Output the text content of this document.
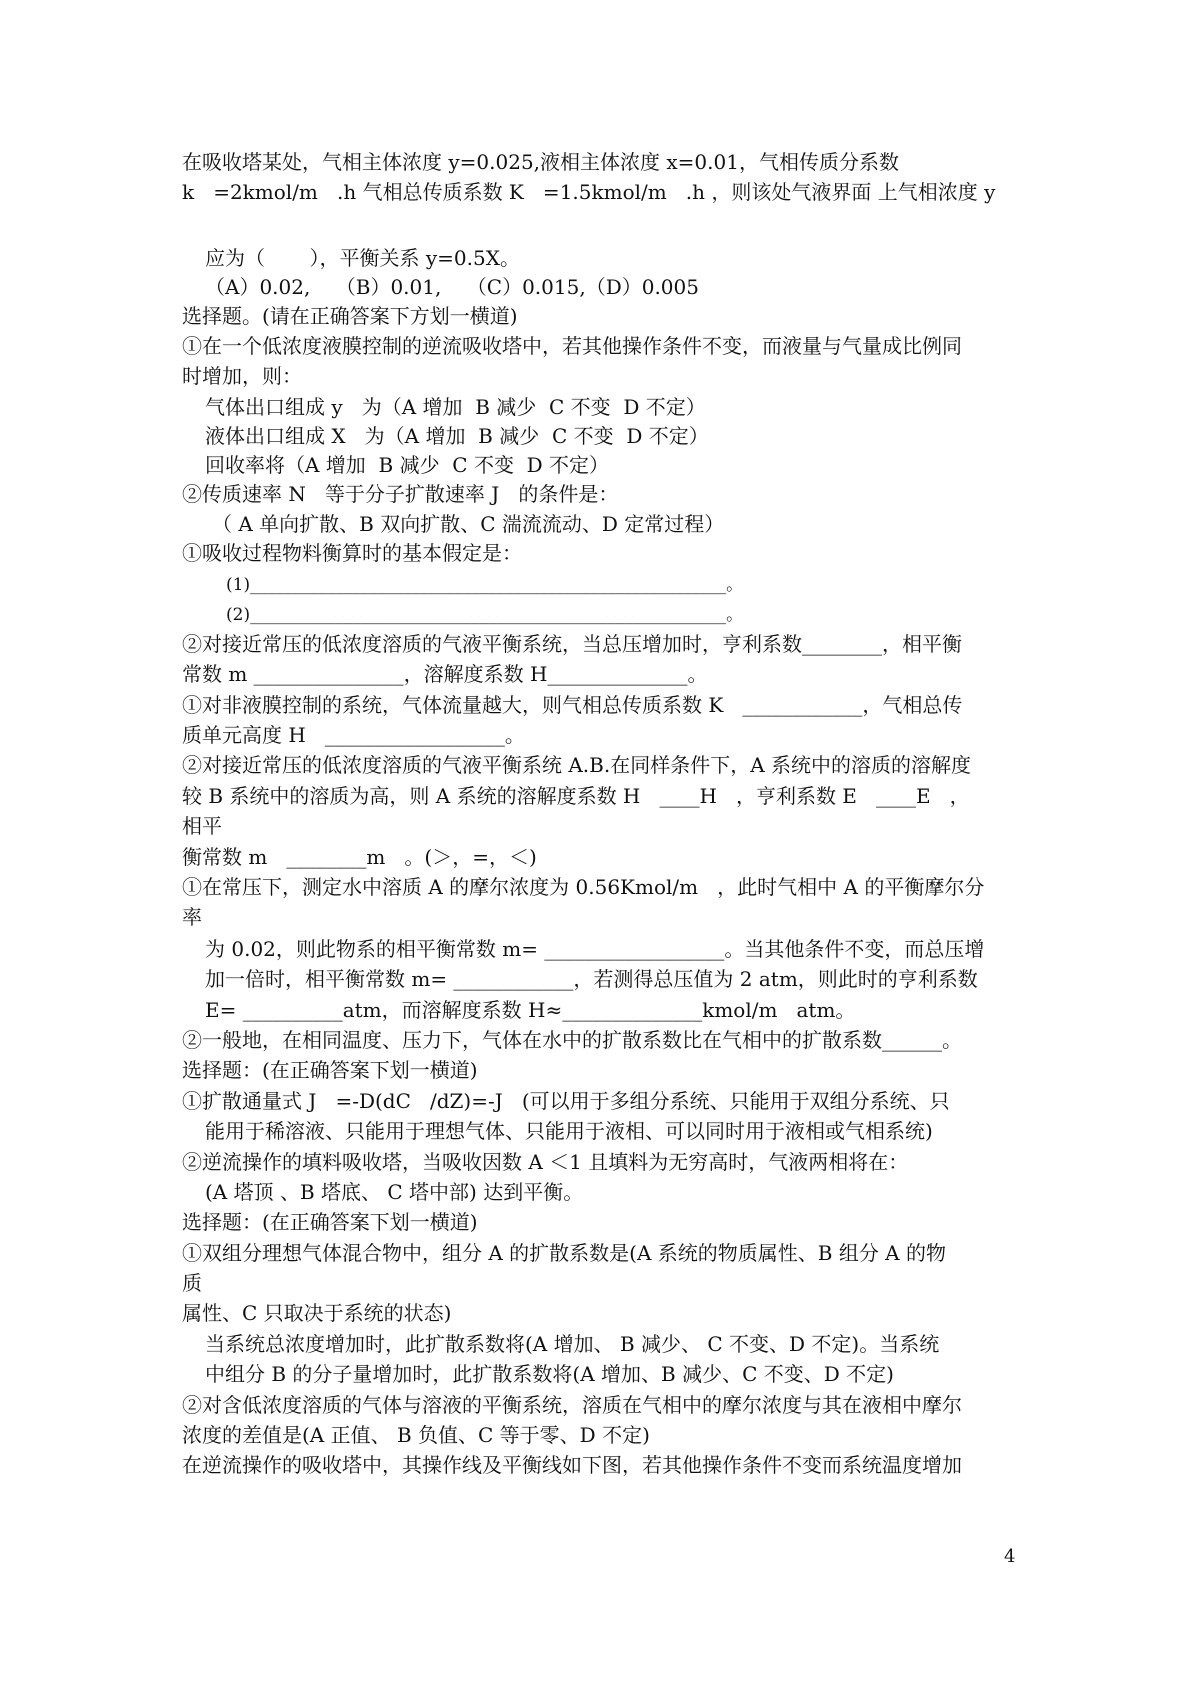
在吸收塔某处，气相主体浓度 y=0.025,液相主体浓度 x=0.01，气相传质分系数
k   =2kmol/m   .h 气相总传质系数 K   =1.5kmol/m   .h ，则该处气液界面 上气相浓度 y
应为（       ），平衡关系 y=0.5X。
（A）0.02,    （B）0.01,    （C）0.015,（D）0.005
选择题。(请在正确答案下方划一横道)
①在一个低浓度液膜控制的逆流吸收塔中，若其他操作条件不变，而液量与气量成比例同
时增加，则：
气体出口组成 y   为（A 增加  B 减少  C 不变  D 不定）
液体出口组成 X   为（A 增加  B 减少  C 不变  D 不定）
回收率将（A 增加  B 减少  C 不变  D 不定）
②传质速率 N   等于分子扩散速率 J   的条件是：
（ A 单向扩散、B 双向扩散、C 湍流流动、D 定常过程）
①吸收过程物料衡算时的基本假定是：
(1)________________________________________________________。
(2)________________________________________________________。
②对接近常压的低浓度溶质的气液平衡系统，当总压增加时，亨利系数________，相平衡
常数 m _______________，溶解度系数 H______________。
①对非液膜控制的系统，气体流量越大，则气相总传质系数 K   ____________，气相总传
质单元高度 H   __________________。
②对接近常压的低浓度溶质的气液平衡系统 A.B.在同样条件下，A 系统中的溶质的溶解度
较 B 系统中的溶质为高，则 A 系统的溶解度系数 H   ____H   ，亨利系数 E   ____E   ，
相平
衡常数 m   ________m   。(＞，=，＜)
①在常压下，测定水中溶质 A 的摩尔浓度为 0.56Kmol/m   ，此时气相中 A 的平衡摩尔分
率
为 0.02，则此物系的相平衡常数 m= __________________。当其他条件不变，而总压增
加一倍时，相平衡常数 m= ____________，若测得总压值为 2 atm，则此时的亨利系数
E= __________atm，而溶解度系数 H≈______________kmol/m   atm。
②一般地，在相同温度、压力下，气体在水中的扩散系数比在气相中的扩散系数______。
选择题：(在正确答案下划一横道)
①扩散通量式 J   =-D(dC   /dZ)=-J   (可以用于多组分系统、只能用于双组分系统、只
能用于稀溶液、只能用于理想气体、只能用于液相、可以同时用于液相或气相系统)
②逆流操作的填料吸收塔，当吸收因数 A ＜1 且填料为无穷高时，气液两相将在：
(A 塔顶 、B 塔底、 C 塔中部) 达到平衡。
选择题：(在正确答案下划一横道)
①双组分理想气体混合物中，组分 A 的扩散系数是(A 系统的物质属性、B 组分 A 的物
质
属性、C 只取决于系统的状态)
当系统总浓度增加时，此扩散系数将(A 增加、 B 减少、 C 不变、D 不定)。当系统
中组分 B 的分子量增加时，此扩散系数将(A 增加、B 减少、C 不变、D 不定)
②对含低浓度溶质的气体与溶液的平衡系统，溶质在气相中的摩尔浓度与其在液相中摩尔
浓度的差值是(A 正值、 B 负值、C 等于零、D 不定)
在逆流操作的吸收塔中，其操作线及平衡线如下图，若其他操作条件不变而系统温度增加
4
